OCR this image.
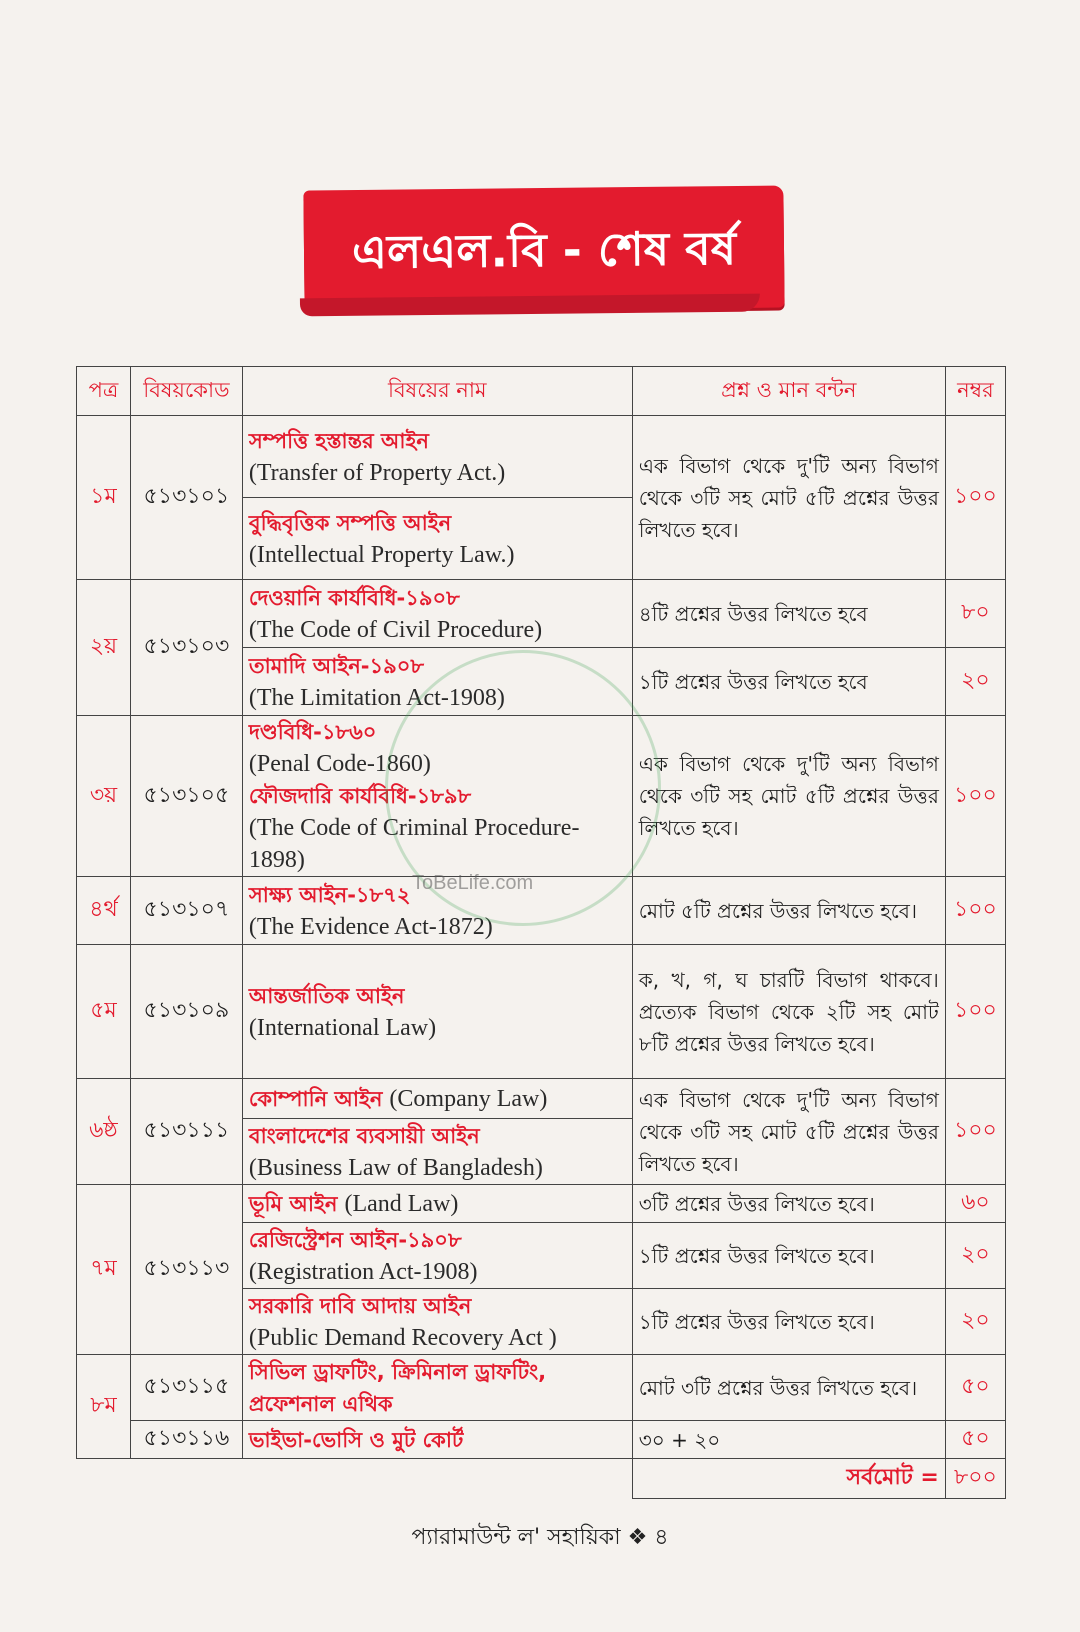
এলএল.বি - শেষ বর্ষ
পত্র	বিষয়কোড	বিষয়ের নাম	প্রশ্ন ও মান বন্টন	নম্বর
১ম	৫১৩১০১	সম্পত্তি হস্তান্তর আইন
(Transfer of Property Act.)	এক বিভাগ থেকে দু'টি অন্য বিভাগ থেকে ৩টি সহ মোট ৫টি প্রশ্নের উত্তর লিখতে হবে।	১০০

		বুদ্ধিবৃত্তিক সম্পত্তি আইন
(Intellectual Property Law.)		

২য়	৫১৩১০৩	দেওয়ানি কার্যবিধি-১৯০৮
(The Code of Civil Procedure)	৪টি প্রশ্নের উত্তর লিখতে হবে	৮০

		তামাদি আইন-১৯০৮
(The Limitation Act-1908)	১টি প্রশ্নের উত্তর লিখতে হবে	২০
৩য়	৫১৩১০৫	দণ্ডবিধি-১৮৬০
(Penal Code-1860)
ফৌজদারি কার্যবিধি-১৮৯৮
(The Code of Criminal Procedure-1898)	এক বিভাগ থেকে দু'টি অন্য বিভাগ থেকে ৩টি সহ মোট ৫টি প্রশ্নের উত্তর লিখতে হবে।	১০০
৪র্থ	৫১৩১০৭	সাক্ষ্য আইন-১৮৭২
(The Evidence Act-1872)	মোট ৫টি প্রশ্নের উত্তর লিখতে হবে।	১০০
৫ম	৫১৩১০৯	আন্তর্জাতিক আইন
(International Law)	ক, খ, গ, ঘ চারটি বিভাগ থাকবে। প্রত্যেক বিভাগ থেকে ২টি সহ মোট ৮টি প্রশ্নের উত্তর লিখতে হবে।	১০০
৬ষ্ঠ	৫১৩১১১	কোম্পানি আইন (Company Law)	এক বিভাগ থেকে দু'টি অন্য বিভাগ থেকে ৩টি সহ মোট ৫টি প্রশ্নের উত্তর লিখতে হবে।	১০০

		বাংলাদেশের ব্যবসায়ী আইন
(Business Law of Bangladesh)		

৭ম	৫১৩১১৩	ভূমি আইন (Land Law)	৩টি প্রশ্নের উত্তর লিখতে হবে।	৬০

		রেজিস্ট্রেশন আইন-১৯০৮
(Registration Act-1908)	১টি প্রশ্নের উত্তর লিখতে হবে।	২০

		সরকারি দাবি আদায় আইন
(Public Demand Recovery Act )	১টি প্রশ্নের উত্তর লিখতে হবে।	২০
৮ম	৫১৩১১৫	সিভিল ড্রাফটিং, ক্রিমিনাল ড্রাফটিং, প্রফেশনাল এথিক	মোট ৩টি প্রশ্নের উত্তর লিখতে হবে।	৫০
	৫১৩১১৬	ভাইভা-ভোসি ও মুট কোর্ট	৩০ + ২০	৫০
			সর্বমোট =	৮০০
ToBeLife.com
প্যারামাউন্ট ল' সহায়িকা ❖ ৪
